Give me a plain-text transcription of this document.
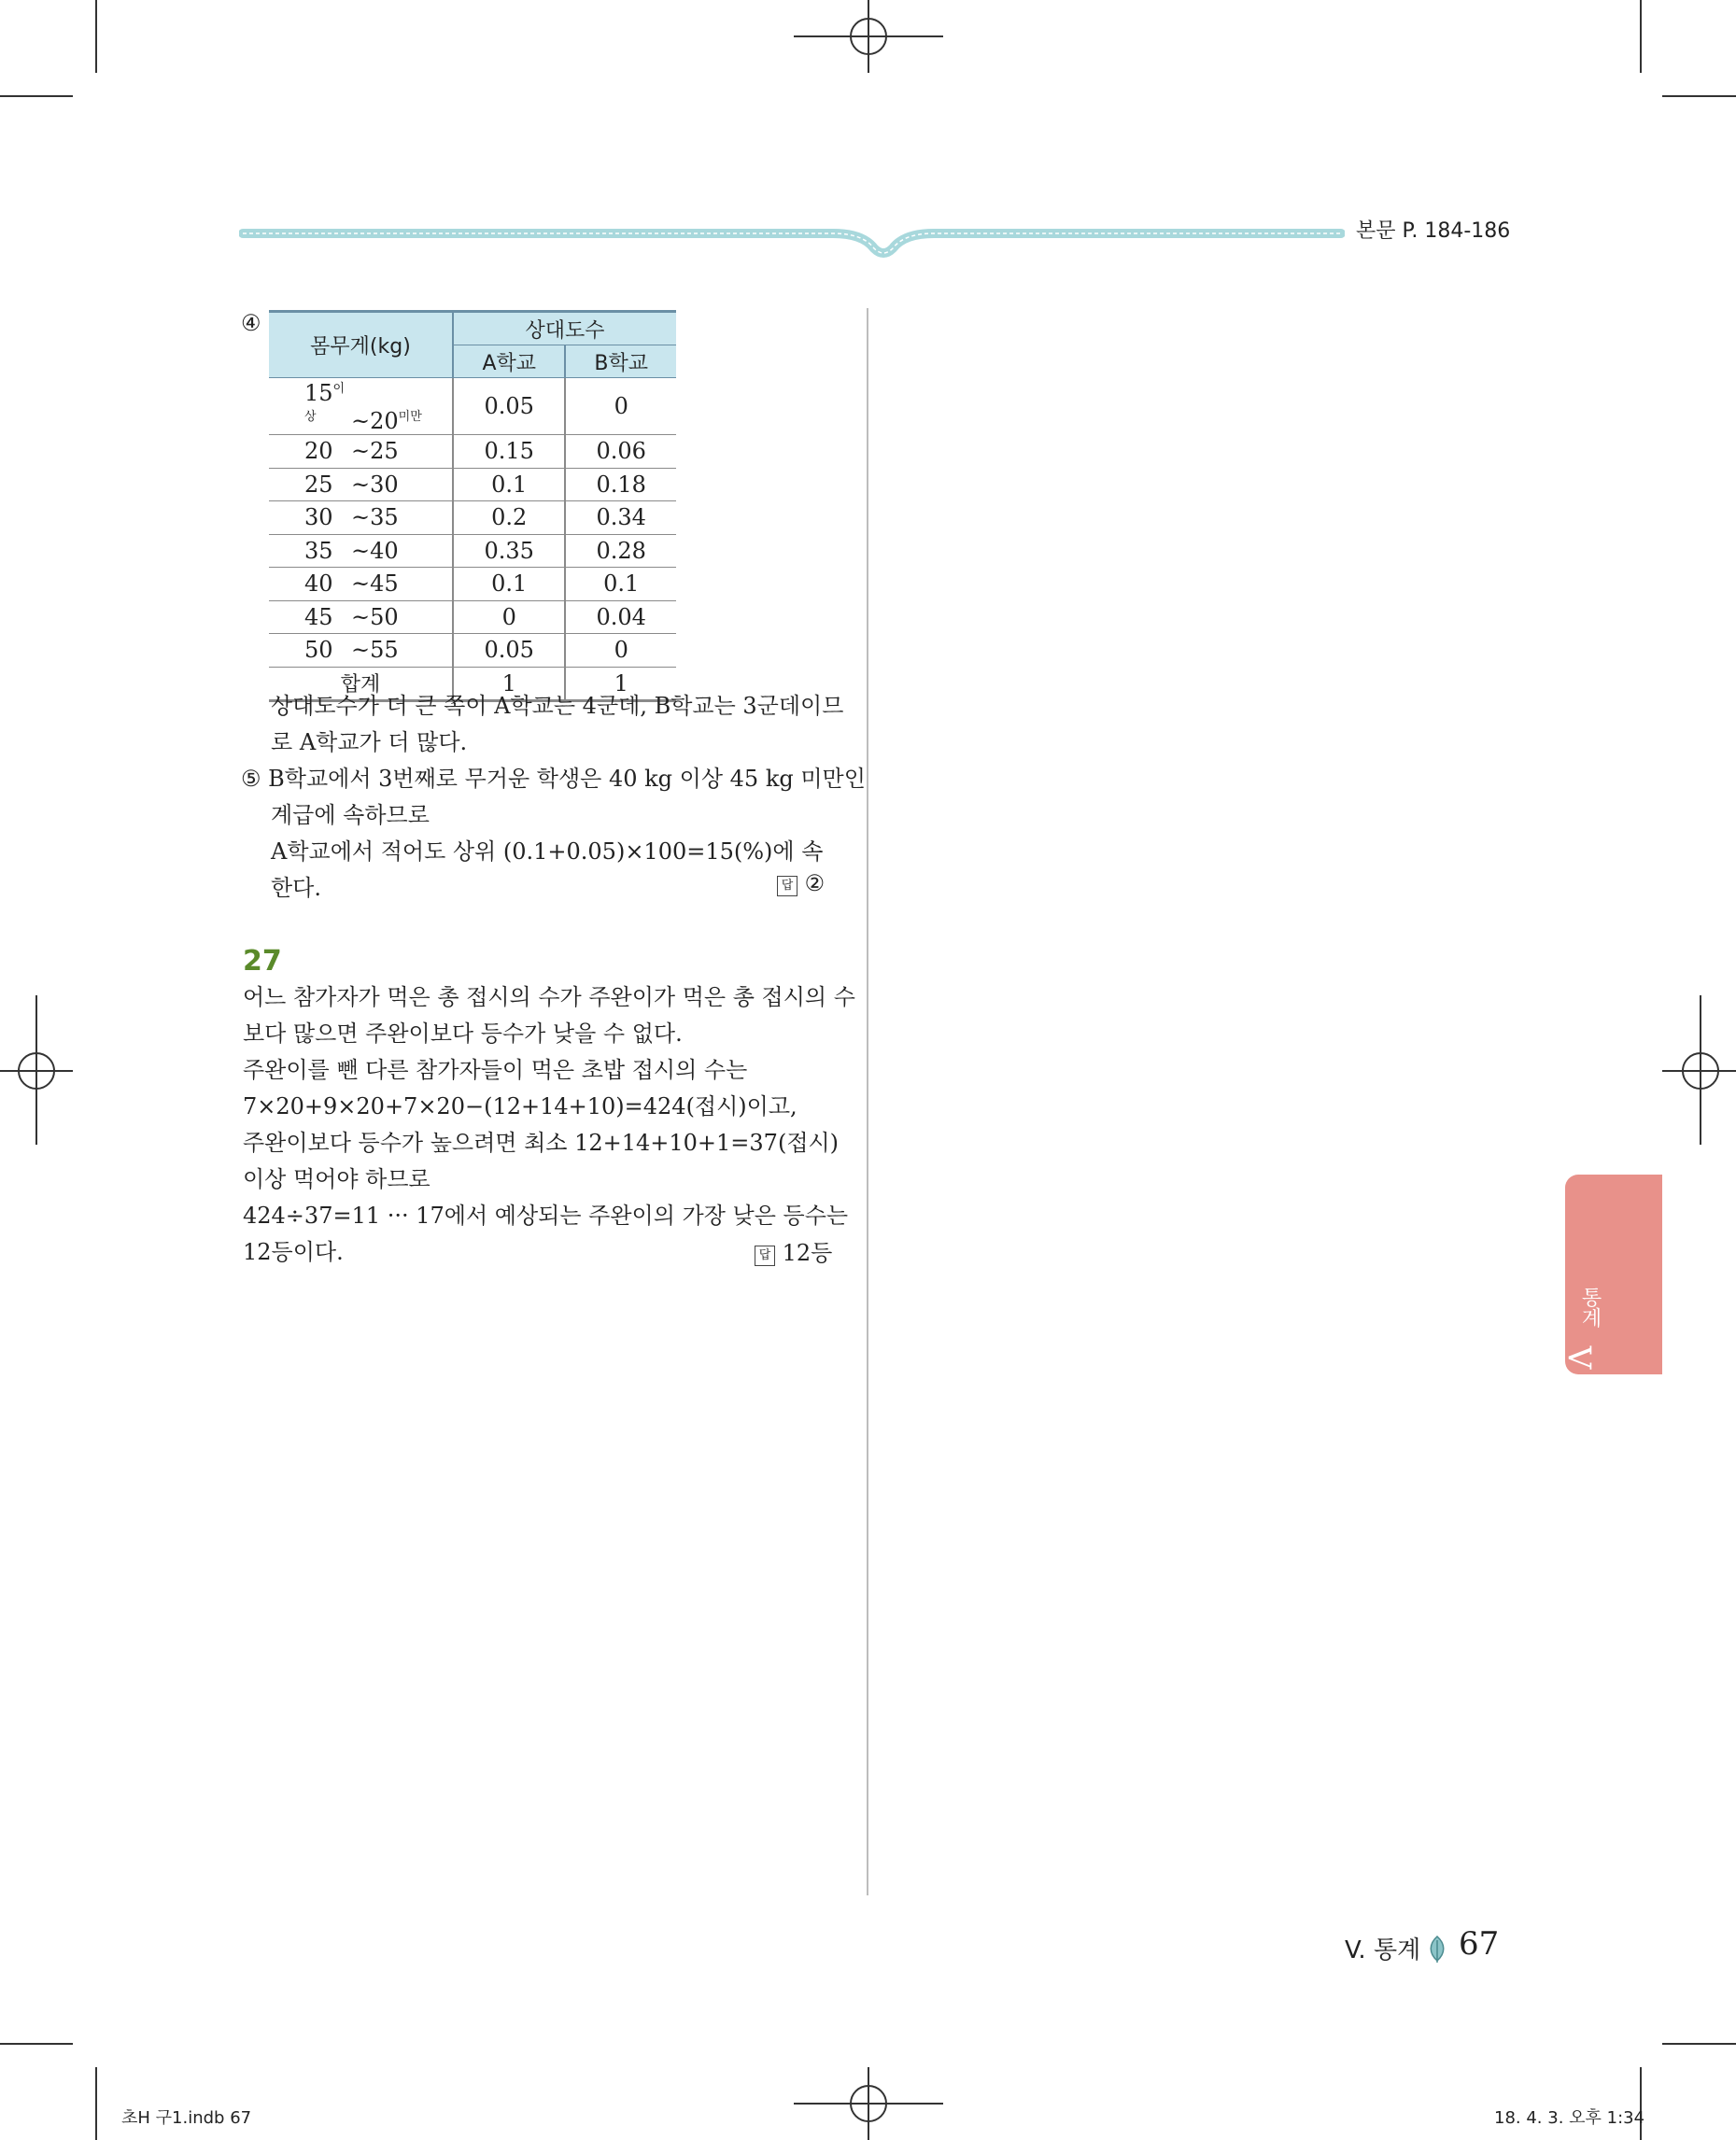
본문 P. 184-186
④
몸무게(kg)	상대도수	
	A학교	B학교
$15^{이상}$ $\sim 20^{미만}$	0.05	0
20 ~25	0.15	0.06
25 ~30	0.1	0.18
30 ~35	0.2	0.34
35 ~40	0.35	0.28
40 ~45	0.1	0.1
45 ~50	0	0.04
50 ~55	0.05	0
합계	1	1
상대도수가 더 큰 쪽이 A학교는 4군데, B학교는 3군데이므
로 A학교가 더 많다.
⑤ B학교에서 3번째로 무거운 학생은 40 kg 이상 45 kg 미만인
계급에 속하므로
A학교에서 적어도 상위 (0.1+0.05)×100=15(%)에 속
한다.	답 ②
27
어느 참가자가 먹은 총 접시의 수가 주완이가 먹은 총 접시의 수
보다 많으면 주완이보다 등수가 낮을 수 없다.
주완이를 뺀 다른 참가자들이 먹은 초밥 접시의 수는
7×20+9×20+7×20−(12+14+10)=424(접시)이고,
주완이보다 등수가 높으려면 최소 12+14+10+1=37(접시)
이상 먹어야 하므로
424÷37=11 ··· 17에서 예상되는 주완이의 가장 낮은 등수는
12등이다.	답 12등
통계
V
V. 통계 67
초H 구1.indb 67	18. 4. 3. 오후 1:34
